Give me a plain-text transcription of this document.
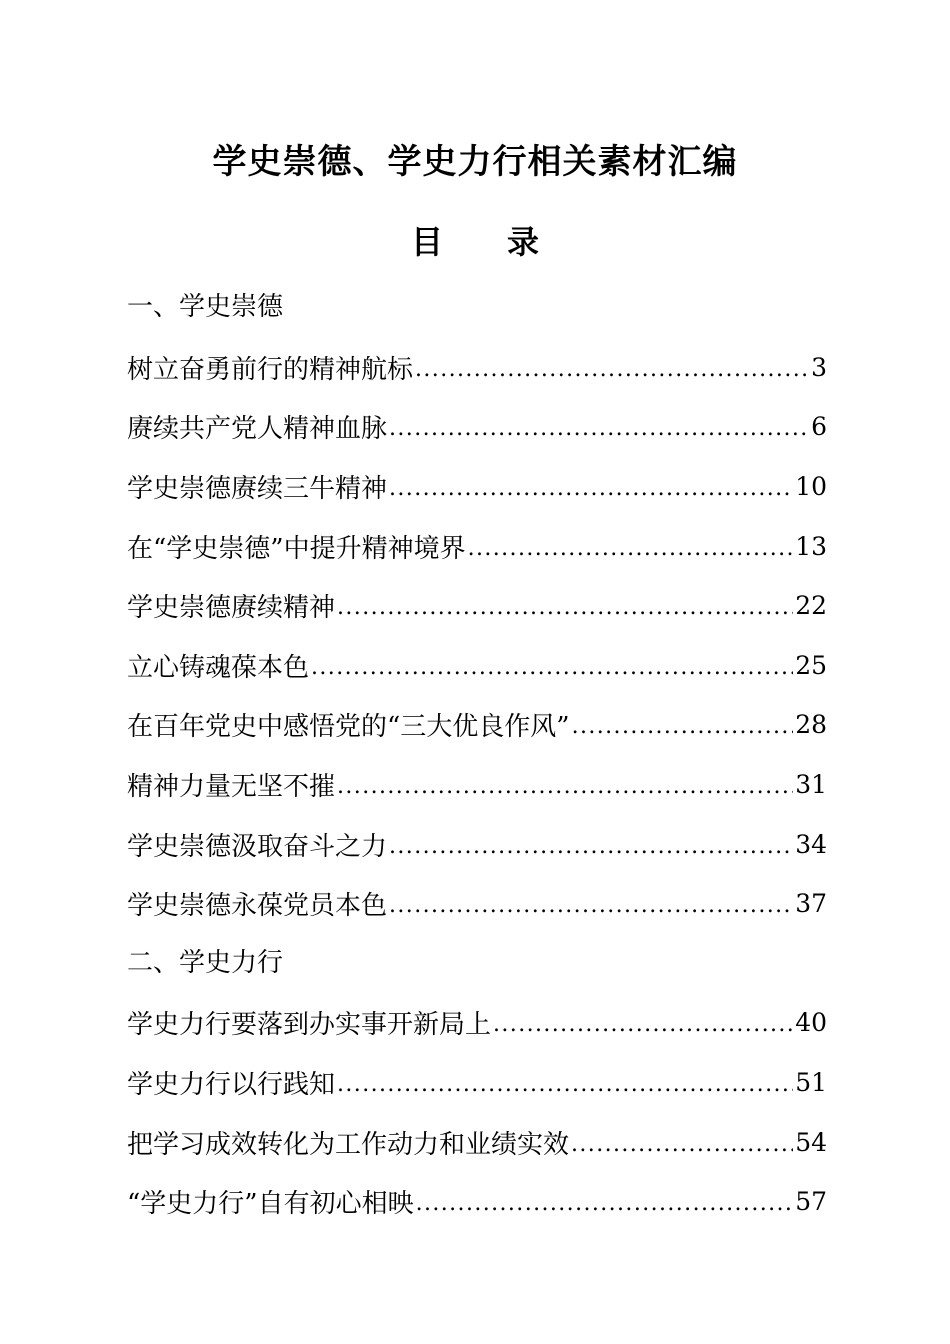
学史崇德、学史力行相关素材汇编
目 录
一、学史崇德
树立奋勇前行的精神航标 .....	3
赓续共产党人精神血脉 .....	6
学史崇德赓续三牛精神 .....	10
在“学史崇德”中提升精神境界 .....	13
学史崇德赓续精神 .....	22
立心铸魂葆本色 .....	25
在百年党史中感悟党的“三大优良作风” .....	28
精神力量无坚不摧 .....	31
学史崇德汲取奋斗之力 .....	34
学史崇德永葆党员本色 .....	37
二、学史力行
学史力行要落到办实事开新局上 .....	40
学史力行以行践知 .....	51
把学习成效转化为工作动力和业绩实效 .....	54
“学史力行”自有初心相映 .....	57
